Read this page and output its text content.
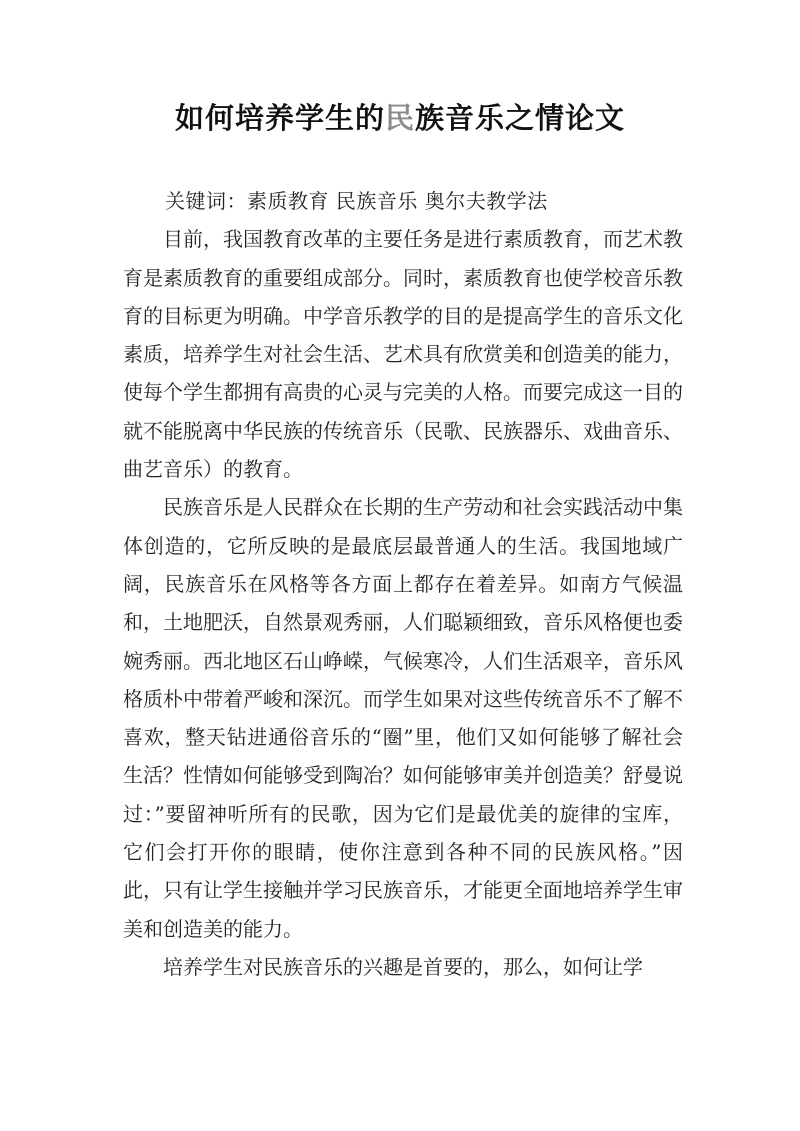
如何培养学生的民族音乐之情论文
关键词：素质教育 民族音乐 奥尔夫教学法

目前，我国教育改革的主要任务是进行素质教育，而艺术教育是素质教育的重要组成部分。同时，素质教育也使学校音乐教育的目标更为明确。中学音乐教学的目的是提高学生的音乐文化素质，培养学生对社会生活、艺术具有欣赏美和创造美的能力，使每个学生都拥有高贵的心灵与完美的人格。而要完成这一目的就不能脱离中华民族的传统音乐（民歌、民族器乐、戏曲音乐、曲艺音乐）的教育。

民族音乐是人民群众在长期的生产劳动和社会实践活动中集体创造的，它所反映的是最底层最普通人的生活。我国地域广阔，民族音乐在风格等各方面上都存在着差异。如南方气候温和，土地肥沃，自然景观秀丽，人们聪颖细致，音乐风格便也委婉秀丽。西北地区石山峥嵘，气候寒冷，人们生活艰辛，音乐风格质朴中带着严峻和深沉。而学生如果对这些传统音乐不了解不喜欢，整天钻进通俗音乐的“圈”里，他们又如何能够了解社会生活？性情如何能够受到陶冶？如何能够审美并创造美？舒曼说过：”要留神听所有的民歌，因为它们是最优美的旋律的宝库，它们会打开你的眼睛，使你注意到各种不同的民族风格。”因此，只有让学生接触并学习民族音乐，才能更全面地培养学生审美和创造美的能力。

培养学生对民族音乐的兴趣是首要的，那么，如何让学
